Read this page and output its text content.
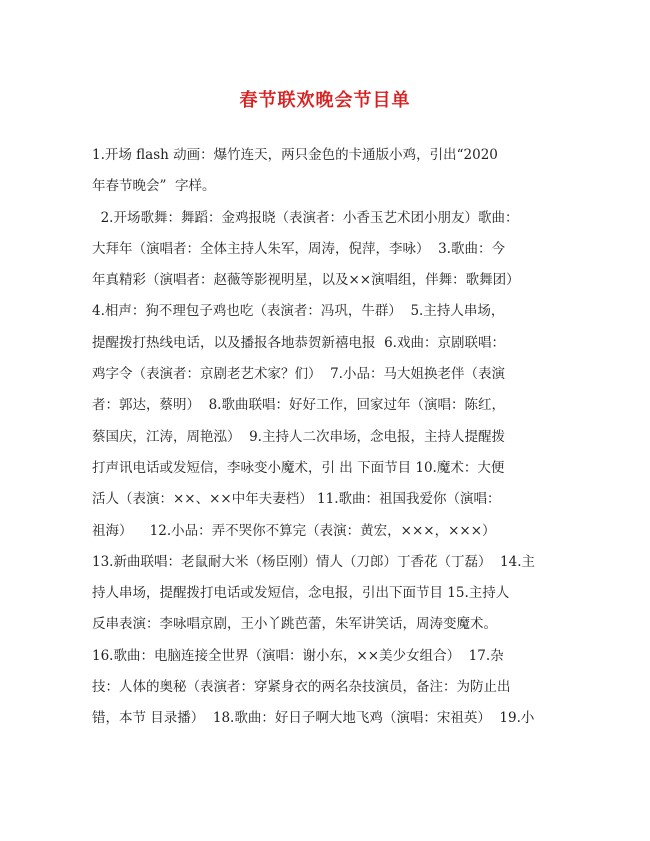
春节联欢晚会节目单
1.开场 flash 动画：爆竹连天，两只金色的卡通版小鸡，引出“2020
年春节晚会”  字样。
2.开场歌舞：舞蹈：金鸡报晓（表演者：小香玉艺术团小朋友）歌曲：
大拜年（演唱者：全体主持人朱军，周涛，倪萍，李咏）  3.歌曲：今
年真精彩（演唱者：赵薇等影视明星，以及××演唱组，伴舞：歌舞团）
4.相声：狗不理包子鸡也吃（表演者：冯巩，牛群）  5.主持人串场，
提醒拨打热线电话，以及播报各地恭贺新禧电报  6.戏曲：京剧联唱：
鸡字令（表演者：京剧老艺术家？们）  7.小品：马大姐换老伴（表演
者：郭达，蔡明）  8.歌曲联唱：好好工作，回家过年（演唱：陈红，
蔡国庆，江涛，周艳泓）  9.主持人二次串场，念电报，主持人提醒拨
打声讯电话或发短信，李咏变小魔术，引 出 下面节目 10.魔术：大便
活人（表演：××、××中年夫妻档） 11.歌曲：祖国我爱你（演唱：
祖海）    12.小品：弄不哭你不算完（表演：黄宏，×××，×××）
13.新曲联唱：老鼠耐大米（杨臣刚）情人（刀郎）丁香花（丁磊）  14.主
持人串场，提醒拨打电话或发短信，念电报，引出下面节目 15.主持人
反串表演：李咏唱京剧，王小丫跳芭蕾，朱军讲笑话，周涛变魔术。
16.歌曲：电脑连接全世界（演唱：谢小东，××美少女组合）  17.杂
技：人体的奥秘（表演者：穿紧身衣的两名杂技演员，备注：为防止出
错，本节 目录播）  18.歌曲：好日子啊大地飞鸡（演唱：宋祖英）  19.小
